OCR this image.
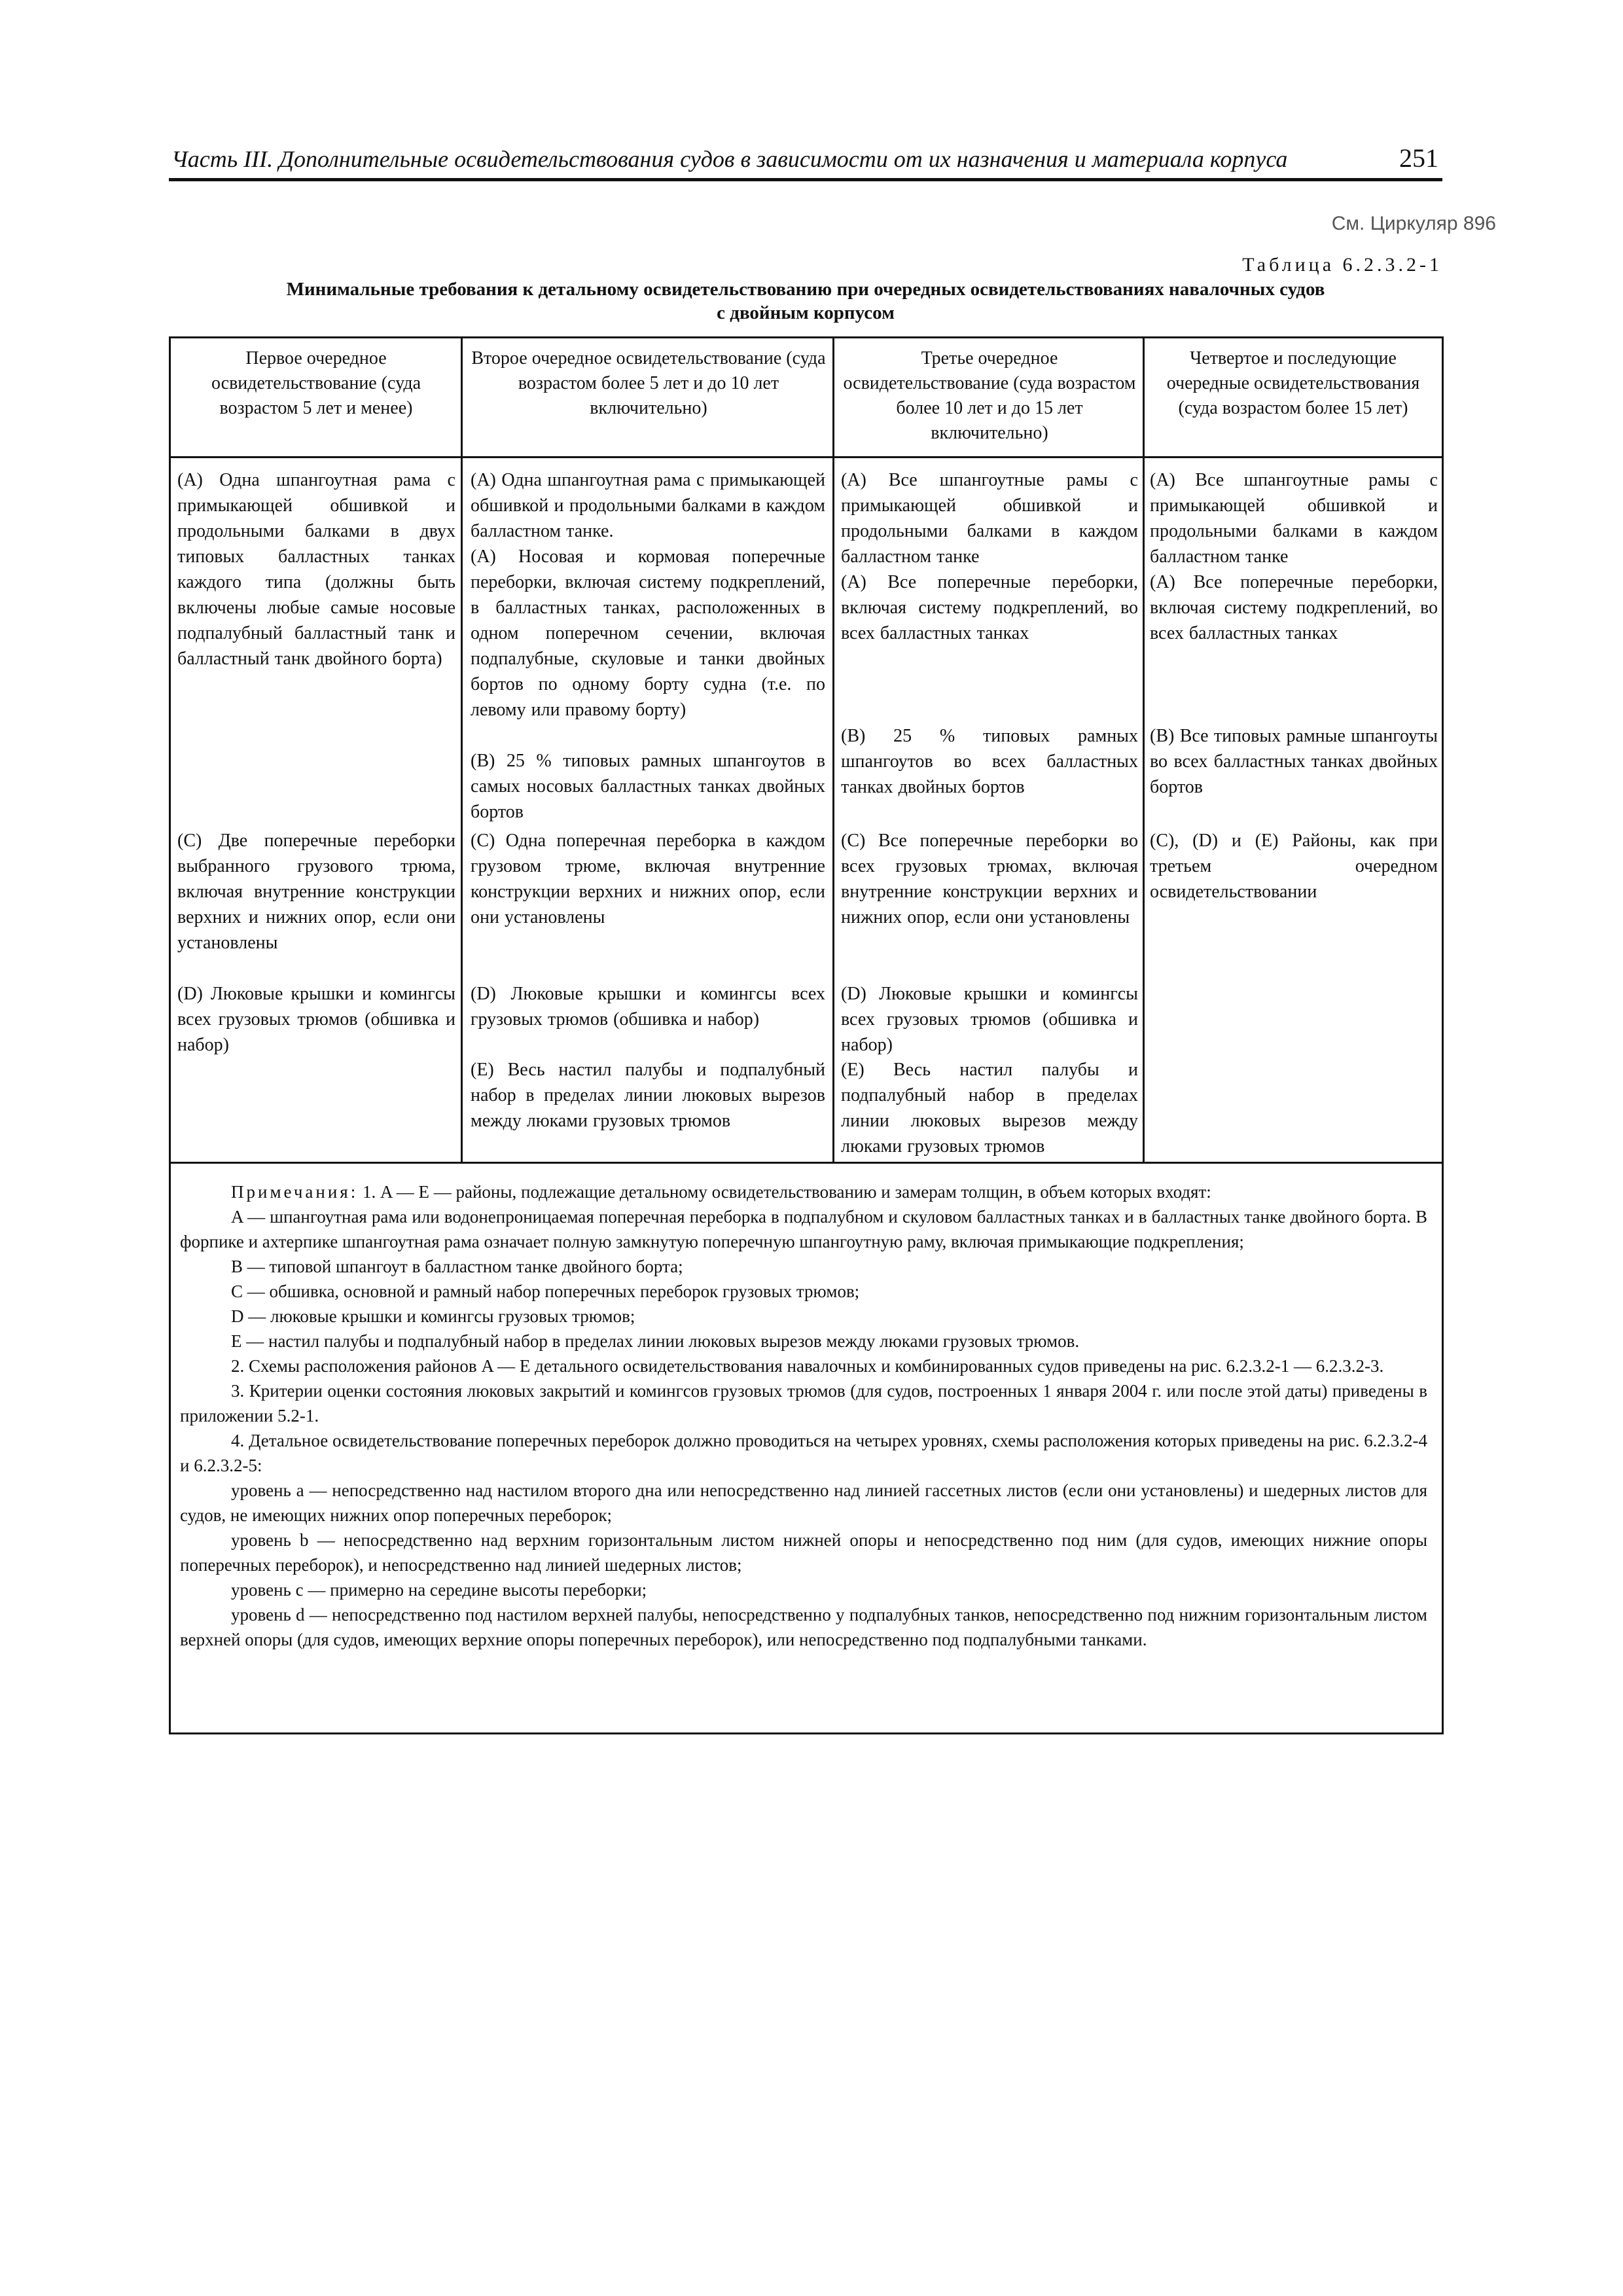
Часть III. Дополнительные освидетельствования судов в зависимости от их назначения и материала корпуса	251
См. Циркуляр 896
Таблица 6.2.3.2-1
Минимальные требования к детальному освидетельствованию при очередных освидетельствованиях навалочных судов
с двойным корпусом
Первое очередное освидетельствование (суда возрастом 5 лет и менее)
Второе очередное освидетельствование (суда возрастом более 5 лет и до 10 лет включительно)
Третье очередное освидетельствование (суда возрастом более 10 лет и до 15 лет включительно)
Четвертое и последующие очередные освидетельствования (суда возрастом более 15 лет)
(A) Одна шпангоутная рама с примыкающей обшивкой и продольными балками в двух типовых балластных танках каждого типа (должны быть включены любые самые носовые подпалубный балластный танк и балластный танк двойного борта)
(C) Две поперечные переборки выбранного грузового трюма, включая внутренние конструкции верхних и нижних опор, если они установлены
(D) Люковые крышки и комингсы всех грузовых трюмов (обшивка и набор)
(A) Одна шпангоутная рама с примыкающей обшивкой и продольными балками в каждом балластном танке.
(A) Носовая и кормовая поперечные переборки, включая систему подкреплений, в балластных танках, расположенных в одном поперечном сечении, включая подпалубные, скуловые и танки двойных бортов по одному борту судна (т.е. по левому или правому борту)
(B) 25 % типовых рамных шпангоутов в самых носовых балластных танках двойных бортов
(C) Одна поперечная переборка в каждом грузовом трюме, включая внутренние конструкции верхних и нижних опор, если они установлены
(D) Люковые крышки и комингсы всех грузовых трюмов (обшивка и набор)
(E) Весь настил палубы и подпалубный набор в пределах линии люковых вырезов между люками грузовых трюмов
(A) Все шпангоутные рамы с примыкающей обшивкой и продольными балками в каждом балластном танке
(A) Все поперечные переборки, включая систему подкреплений, во всех балластных танках
(B) 25 % типовых рамных шпангоутов во всех балластных танках двойных бортов
(C) Все поперечные переборки во всех грузовых трюмах, включая внутренние конструкции верхних и нижних опор, если они установлены
(D) Люковые крышки и комингсы всех грузовых трюмов (обшивка и набор)
(E) Весь настил палубы и подпалубный набор в пределах линии люковых вырезов между люками грузовых трюмов
(A) Все шпангоутные рамы с примыкающей обшивкой и продольными балками в каждом балластном танке
(A) Все поперечные переборки, включая систему подкреплений, во всех балластных танках
(B) Все типовых рамные шпангоуты во всех балластных танках двойных бортов
(C), (D) и (E) Районы, как при третьем очередном освидетельствовании

Примечания: 1. A — E — районы, подлежащие детальному освидетельствованию и замерам толщин, в объем которых входят:

A — шпангоутная рама или водонепроницаемая поперечная переборка в подпалубном и скуловом балластных танках и в балластных танке двойного борта. В форпике и ахтерпике шпангоутная рама означает полную замкнутую поперечную шпангоутную раму, включая примыкающие подкрепления;

B — типовой шпангоут в балластном танке двойного борта;

C — обшивка, основной и рамный набор поперечных переборок грузовых трюмов;

D — люковые крышки и комингсы грузовых трюмов;

E — настил палубы и подпалубный набор в пределах линии люковых вырезов между люками грузовых трюмов.

2. Схемы расположения районов A — E детального освидетельствования навалочных и комбинированных судов приведены на рис. 6.2.3.2-1 — 6.2.3.2-3.

3. Критерии оценки состояния люковых закрытий и комингсов грузовых трюмов (для судов, построенных 1 января 2004 г. или после этой даты) приведены в приложении 5.2-1.

4. Детальное освидетельствование поперечных переборок должно проводиться на четырех уровнях, схемы расположения которых приведены на рис. 6.2.3.2-4 и 6.2.3.2-5:

уровень a — непосредственно над настилом второго дна или непосредственно над линией гассетных листов (если они установлены) и шедерных листов для судов, не имеющих нижних опор поперечных переборок;

уровень b — непосредственно над верхним горизонтальным листом нижней опоры и непосредственно под ним (для судов, имеющих нижние опоры поперечных переборок), и непосредственно над линией шедерных листов;

уровень c — примерно на середине высоты переборки;

уровень d — непосредственно под настилом верхней палубы, непосредственно у подпалубных танков, непосредственно под нижним горизонтальным листом верхней опоры (для судов, имеющих верхние опоры поперечных переборок), или непосредственно под подпалубными танками.
